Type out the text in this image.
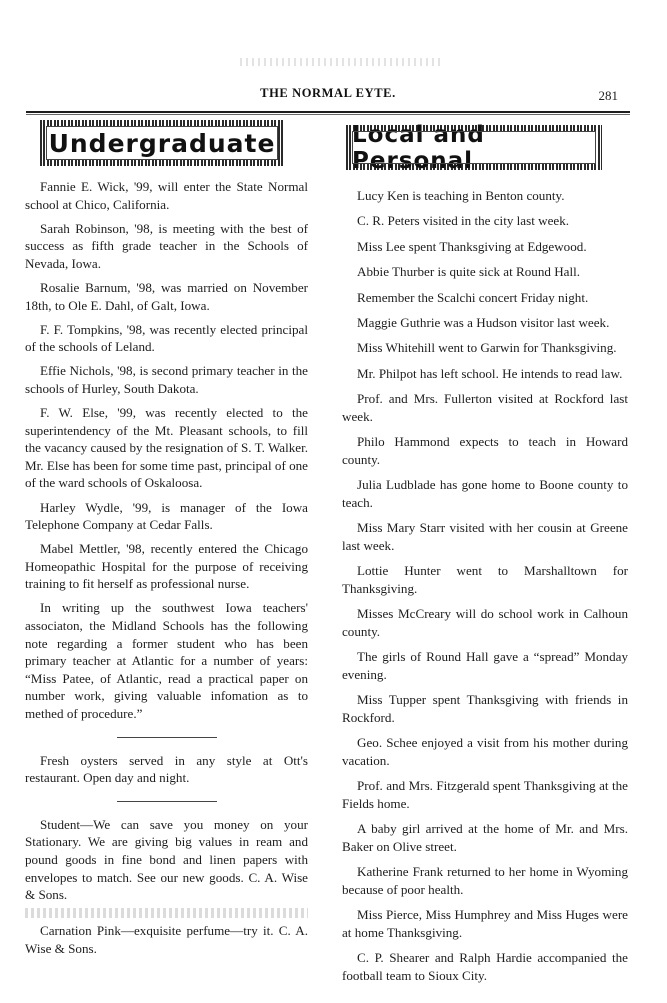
THE NORMAL EYTE.	281
Undergraduate	Local and Personal

Fannie E. Wick, '99, will enter the State Normal school at Chico, California.

Sarah Robinson, '98, is meeting with the best of success as fifth grade teacher in the Schools of Nevada, Iowa.

Rosalie Barnum, '98, was married on November 18th, to Ole E. Dahl, of Galt, Iowa.

F. F. Tompkins, '98, was recently elected principal of the schools of Leland.

Effie Nichols, '98, is second primary teacher in the schools of Hurley, South Dakota.

F. W. Else, '99, was recently elected to the superintendency of the Mt. Pleasant schools, to fill the vacancy caused by the resignation of S. T. Walker. Mr. Else has been for some time past, principal of one of the ward schools of Oskaloosa.

Harley Wydle, '99, is manager of the Iowa Telephone Company at Cedar Falls.

Mabel Mettler, '98, recently entered the Chicago Homeopathic Hospital for the purpose of receiving training to fit herself as professional nurse.

In writing up the southwest Iowa teachers' associaton, the Midland Schools has the following note regarding a former student who has been primary teacher at Atlantic for a number of years: “Miss Patee, of Atlantic, read a practical paper on number work, giving valuable infomation as to methed of procedure.”

Fresh oysters served in any style at Ott's restaurant. Open day and night.

Student—We can save you money on your Stationary. We are giving big values in ream and pound goods in fine bond and linen papers with envelopes to match. See our new goods. C. A. Wise & Sons.

Carnation Pink—exquisite perfume—try it. C. A. Wise & Sons.

Lucy Ken is teaching in Benton county.

C. R. Peters visited in the city last week.

Miss Lee spent Thanksgiving at Edgewood.

Abbie Thurber is quite sick at Round Hall.

Remember the Scalchi concert Friday night.

Maggie Guthrie was a Hudson visitor last week.

Miss Whitehill went to Garwin for Thanksgiving.

Mr. Philpot has left school. He intends to read law.

Prof. and Mrs. Fullerton visited at Rockford last week.

Philo Hammond expects to teach in Howard county.

Julia Ludblade has gone home to Boone county to teach.

Miss Mary Starr visited with her cousin at Greene last week.

Lottie Hunter went to Marshalltown for Thanksgiving.

Misses McCreary will do school work in Calhoun county.

The girls of Round Hall gave a “spread” Monday evening.

Miss Tupper spent Thanksgiving with friends in Rockford.

Geo. Schee enjoyed a visit from his mother during vacation.

Prof. and Mrs. Fitzgerald spent Thanksgiving at the Fields home.

A baby girl arrived at the home of Mr. and Mrs. Baker on Olive street.

Katherine Frank returned to her home in Wyoming because of poor health.

Miss Pierce, Miss Humphrey and Miss Huges were at home Thanksgiving.

C. P. Shearer and Ralph Hardie accompanied the football team to Sioux City.
